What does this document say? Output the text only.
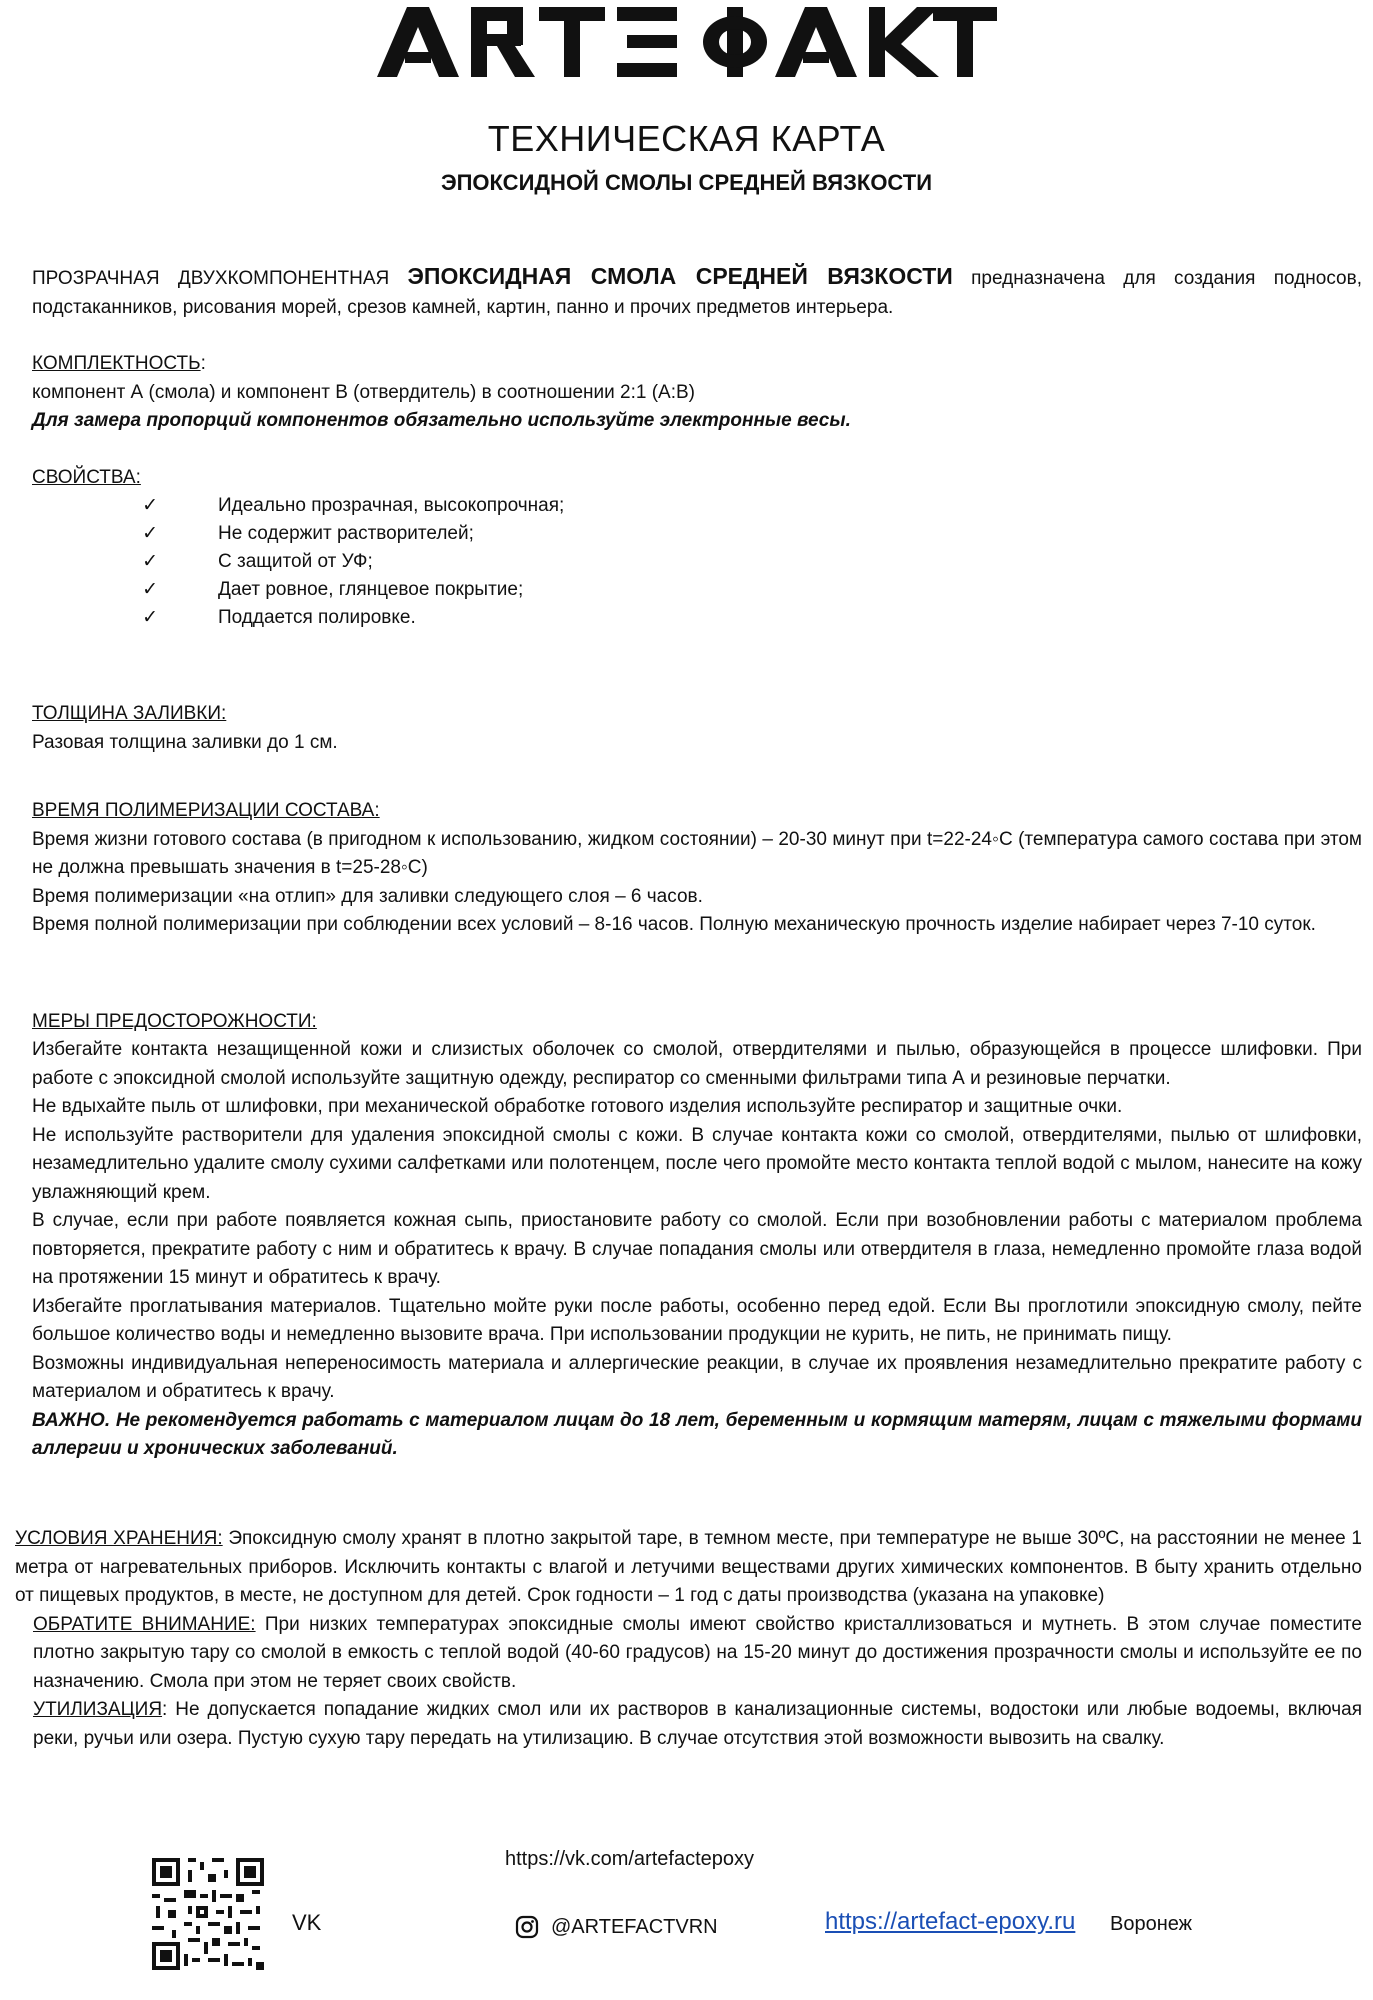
ТЕХНИЧЕСКАЯ КАРТА
ЭПОКСИДНОЙ СМОЛЫ СРЕДНЕЙ ВЯЗКОСТИ

ПРОЗРАЧНАЯ ДВУХКОМПОНЕНТНАЯ ЭПОКСИДНАЯ СМОЛА СРЕДНЕЙ ВЯЗКОСТИ предназначена для создания подносов, подстаканников, рисования морей, срезов камней, картин, панно и прочих предметов интерьера.

КОМПЛЕКТНОСТЬ:

компонент А (смола) и компонент В (отвердитель) в соотношении 2:1 (А:В)

Для замера пропорций компонентов обязательно используйте электронные весы.

СВОЙСТВА:

✓	Идеально прозрачная, высокопрочная;
✓	Не содержит растворителей;
✓	С защитой от УФ;
✓	Дает ровное, глянцевое покрытие;
✓	Поддается полировке.

ТОЛЩИНА ЗАЛИВКИ:

Разовая толщина заливки до 1 см.

ВРЕМЯ ПОЛИМЕРИЗАЦИИ СОСТАВА:

Время жизни готового состава (в пригодном к использованию, жидком состоянии) – 20-30 минут при t=22-24◦C (температура самого состава при этом не должна превышать значения в t=25-28◦C)

Время полимеризации «на отлип» для заливки следующего слоя – 6 часов.

Время полной полимеризации при соблюдении всех условий – 8-16 часов. Полную механическую прочность изделие набирает через 7-10 суток.

МЕРЫ ПРЕДОСТОРОЖНОСТИ:

Избегайте контакта незащищенной кожи и слизистых оболочек со смолой, отвердителями и пылью, образующейся в процессе шлифовки. При работе с эпоксидной смолой используйте защитную одежду, респиратор со сменными фильтрами типа А и резиновые перчатки.

Не вдыхайте пыль от шлифовки, при механической обработке готового изделия используйте респиратор и защитные очки.

Не используйте растворители для удаления эпоксидной смолы с кожи. В случае контакта кожи со смолой, отвердителями, пылью от шлифовки, незамедлительно удалите смолу сухими салфетками или полотенцем, после чего промойте место контакта теплой водой с мылом, нанесите на кожу увлажняющий крем.

В случае, если при работе появляется кожная сыпь, приостановите работу со смолой. Если при возобновлении работы с материалом проблема повторяется, прекратите работу с ним и обратитесь к врачу. В случае попадания смолы или отвердителя в глаза, немедленно промойте глаза водой на протяжении 15 минут и обратитесь к врачу.

Избегайте проглатывания материалов. Тщательно мойте руки после работы, особенно перед едой. Если Вы проглотили эпоксидную смолу, пейте большое количество воды и немедленно вызовите врача. При использовании продукции не курить, не пить, не принимать пищу.

Возможны индивидуальная непереносимость материала и аллергические реакции, в случае их проявления незамедлительно прекратите работу с материалом и обратитесь к врачу.

ВАЖНО. Не рекомендуется работать с материалом лицам до 18 лет, беременным и кормящим матерям, лицам с тяжелыми формами аллергии и хронических заболеваний.

УСЛОВИЯ ХРАНЕНИЯ: Эпоксидную смолу хранят в плотно закрытой таре, в темном месте, при температуре не выше 30ºС, на расстоянии не менее 1 метра от нагревательных приборов. Исключить контакты с влагой и летучими веществами других химических компонентов. В быту хранить отдельно от пищевых продуктов, в месте, не доступном для детей. Срок годности – 1 год с даты производства (указана на упаковке)

ОБРАТИТЕ ВНИМАНИЕ: При низких температурах эпоксидные смолы имеют свойство кристаллизоваться и мутнеть. В этом случае поместите плотно закрытую тару со смолой в емкость с теплой водой (40-60 градусов) на 15-20 минут до достижения прозрачности смолы и используйте ее по назначению. Смола при этом не теряет своих свойств.

УТИЛИЗАЦИЯ: Не допускается попадание жидких смол или их растворов в канализационные системы, водостоки или любые водоемы, включая реки, ручьи или озера. Пустую сухую тару передать на утилизацию. В случае отсутствия этой возможности вывозить на свалку.

VK
https://vk.com/artefactepoxy
@ARTEFACTVRN	https://artefact-epoxy.ru Воронеж
